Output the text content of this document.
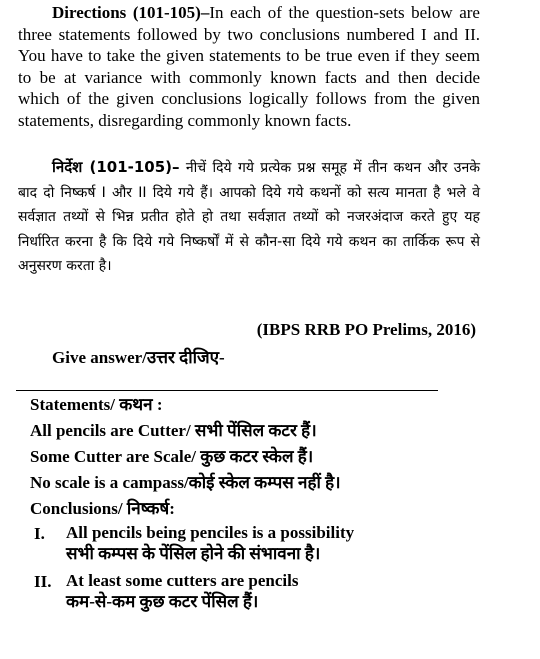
Directions (101-105)–In each of the question-sets below are three statements followed by two conclusions numbered I and II. You have to take the given statements to be true even if they seem to be at variance with commonly known facts and then decide which of the given conclusions logically follows from the given statements, disregarding commonly known facts.

निर्देश (101-105)– नीचें दिये गये प्रत्येक प्रश्न समूह में तीन कथन और उनके बाद दो निष्कर्ष I और II दिये गये हैं। आपको दिये गये कथनों को सत्य मानता है भले वे सर्वज्ञात तथ्यों से भिन्न प्रतीत होते हो तथा सर्वज्ञात तथ्यों को नजरअंदाज करते हुए यह निर्धारित करना है कि दिये गये निष्कर्षों में से कौन-सा दिये गये कथन का तार्किक रूप से अनुसरण करता है।

(IBPS RRB PO Prelims, 2016)
Give answer/उत्तर दीजिए-
Statements/ कथन :
All pencils are Cutter/ सभी पेंसिल कटर हैं।
Some Cutter are Scale/ कुछ कटर स्केल हैं।
No scale is a campass/कोई स्केल कम्पस नहीं है।
Conclusions/ निष्कर्ष:
I. All pencils being penciles is a possibility
सभी कम्पस के पेंसिल होने की संभावना है।
II. At least some cutters are pencils
कम-से-कम कुछ कटर पेंसिल हैं।
